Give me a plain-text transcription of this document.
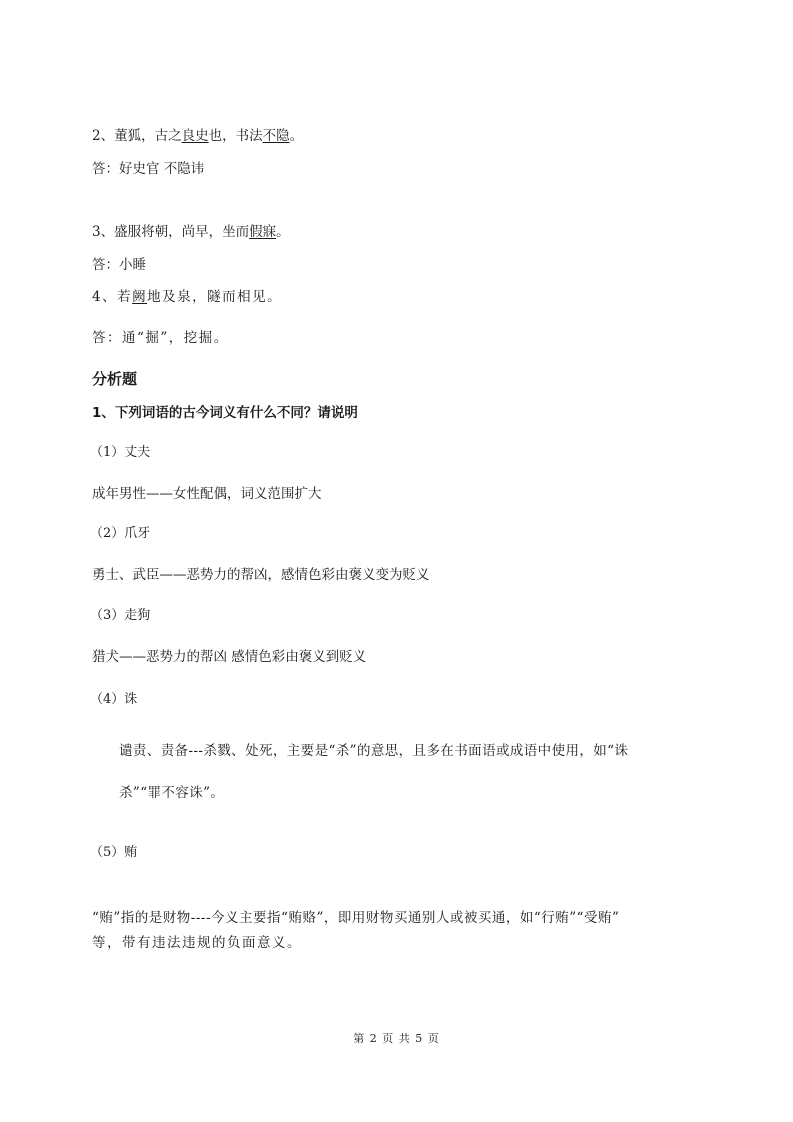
2、董狐，古之良史也，书法不隐。
答：好史官 不隐讳
3、盛服将朝，尚早，坐而假寐。
答：小睡
4、若阙地及泉，隧而相见。
答：通“掘”，挖掘。
分析题
1、下列词语的古今词义有什么不同？请说明
（1）丈夫
成年男性——女性配偶，词义范围扩大
（2）爪牙
勇士、武臣——恶势力的帮凶，感情色彩由褒义变为贬义
（3）走狗
猎犬——恶势力的帮凶 感情色彩由褒义到贬义
（4）诛
谴责、责备---杀戮、处死，主要是“杀”的意思，且多在书面语或成语中使用，如“诛
杀”“罪不容诛”。
（5）贿
“贿”指的是财物----今义主要指“贿赂”，即用财物买通别人或被买通，如“行贿”“受贿”
等，带有违法违规的负面意义。
第 2 页 共 5 页
